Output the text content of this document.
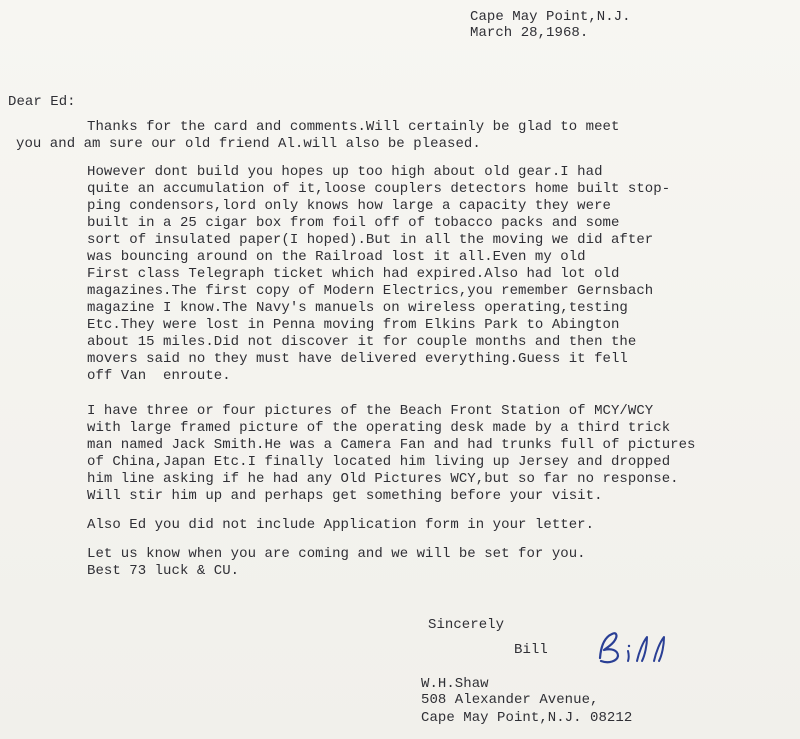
Cape May Point,N.J.
March 28,1968.
Dear Ed:
Thanks for the card and comments.Will certainly be glad to meet
you and am sure our old friend Al.will also be pleased.
However dont build you hopes up too high about old gear.I had
quite an accumulation of it,loose couplers detectors home built stop-
ping condensors,lord only knows how large a capacity they were
built in a 25 cigar box from foil off of tobacco packs and some
sort of insulated paper(I hoped).But in all the moving we did after
was bouncing around on the Railroad lost it all.Even my old
First class Telegraph ticket which had expired.Also had lot old
magazines.The first copy of Modern Electrics,you remember Gernsbach
magazine I know.The Navy's manuels on wireless operating,testing
Etc.They were lost in Penna moving from Elkins Park to Abington
about 15 miles.Did not discover it for couple months and then the
movers said no they must have delivered everything.Guess it fell
off Van  enroute.
I have three or four pictures of the Beach Front Station of MCY/WCY
with large framed picture of the operating desk made by a third trick
man named Jack Smith.He was a Camera Fan and had trunks full of pictures
of China,Japan Etc.I finally located him living up Jersey and dropped
him line asking if he had any Old Pictures WCY,but so far no response.
Will stir him up and perhaps get something before your visit.
Also Ed you did not include Application form in your letter.
Let us know when you are coming and we will be set for you.
Best 73 luck & CU.
Sincerely
Bill
W.H.Shaw
508 Alexander Avenue,
Cape May Point,N.J. 08212
